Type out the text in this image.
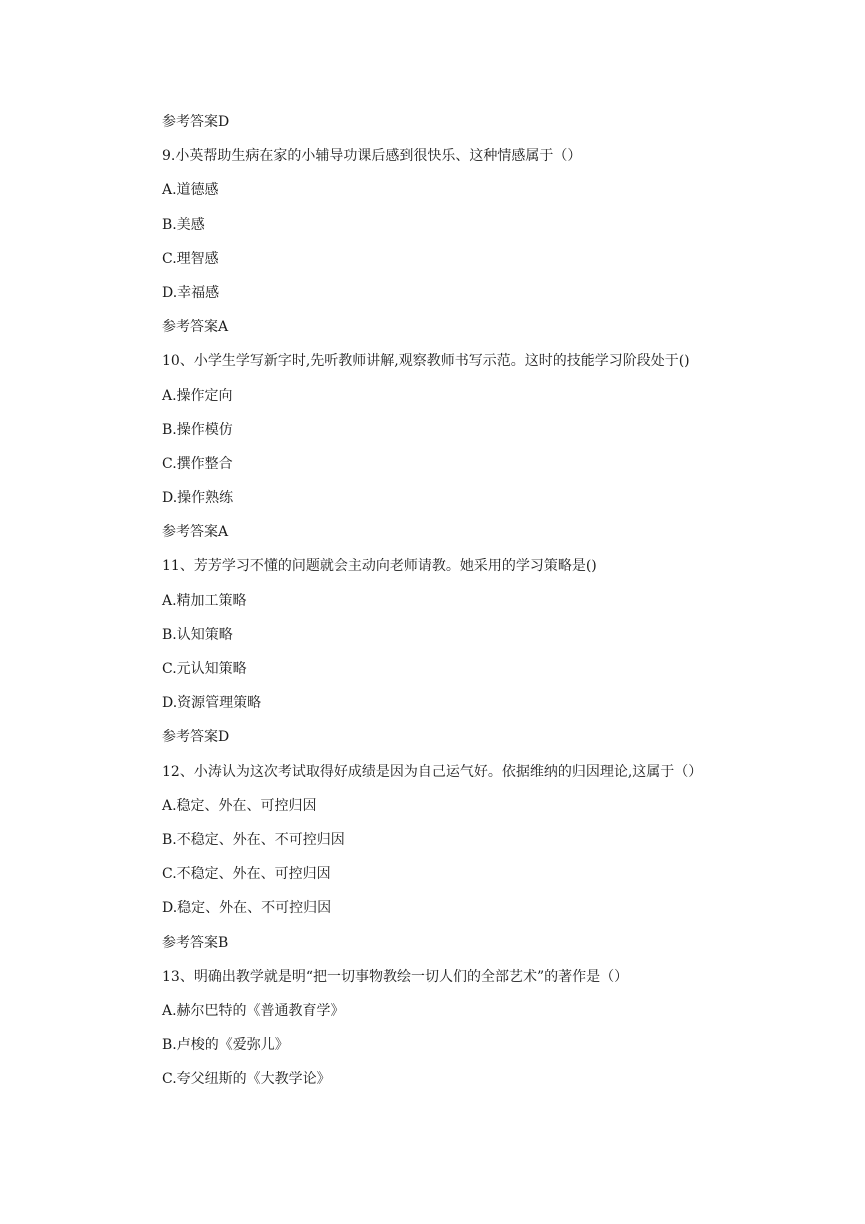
参考答案D
9.小英帮助生病在家的小辅导功课后感到很快乐、这种情感属于（）
A.道德感
B.美感
C.理智感
D.幸福感
参考答案A
10、小学生学写新字时,先听教师讲解,观察教师书写示范。这时的技能学习阶段处于()
A.操作定向
B.操作模仿
C.撰作整合
D.操作熟练
参考答案A
11、芳芳学习不懂的问题就会主动向老师请教。她采用的学习策略是()
A.精加工策略
B.认知策略
C.元认知策略
D.资源管理策略
参考答案D
12、小涛认为这次考试取得好成绩是因为自己运气好。依据维纳的归因理论,这属于（）
A.稳定、外在、可控归因
B.不稳定、外在、不可控归因
C.不稳定、外在、可控归因
D.稳定、外在、不可控归因
参考答案B
13、明确出教学就是明“把一切事物教绘一切人们的全部艺术”的著作是（）
A.赫尔巴特的《普通教育学》
B.卢梭的《爱弥儿》
C.夸父纽斯的《大教学论》
